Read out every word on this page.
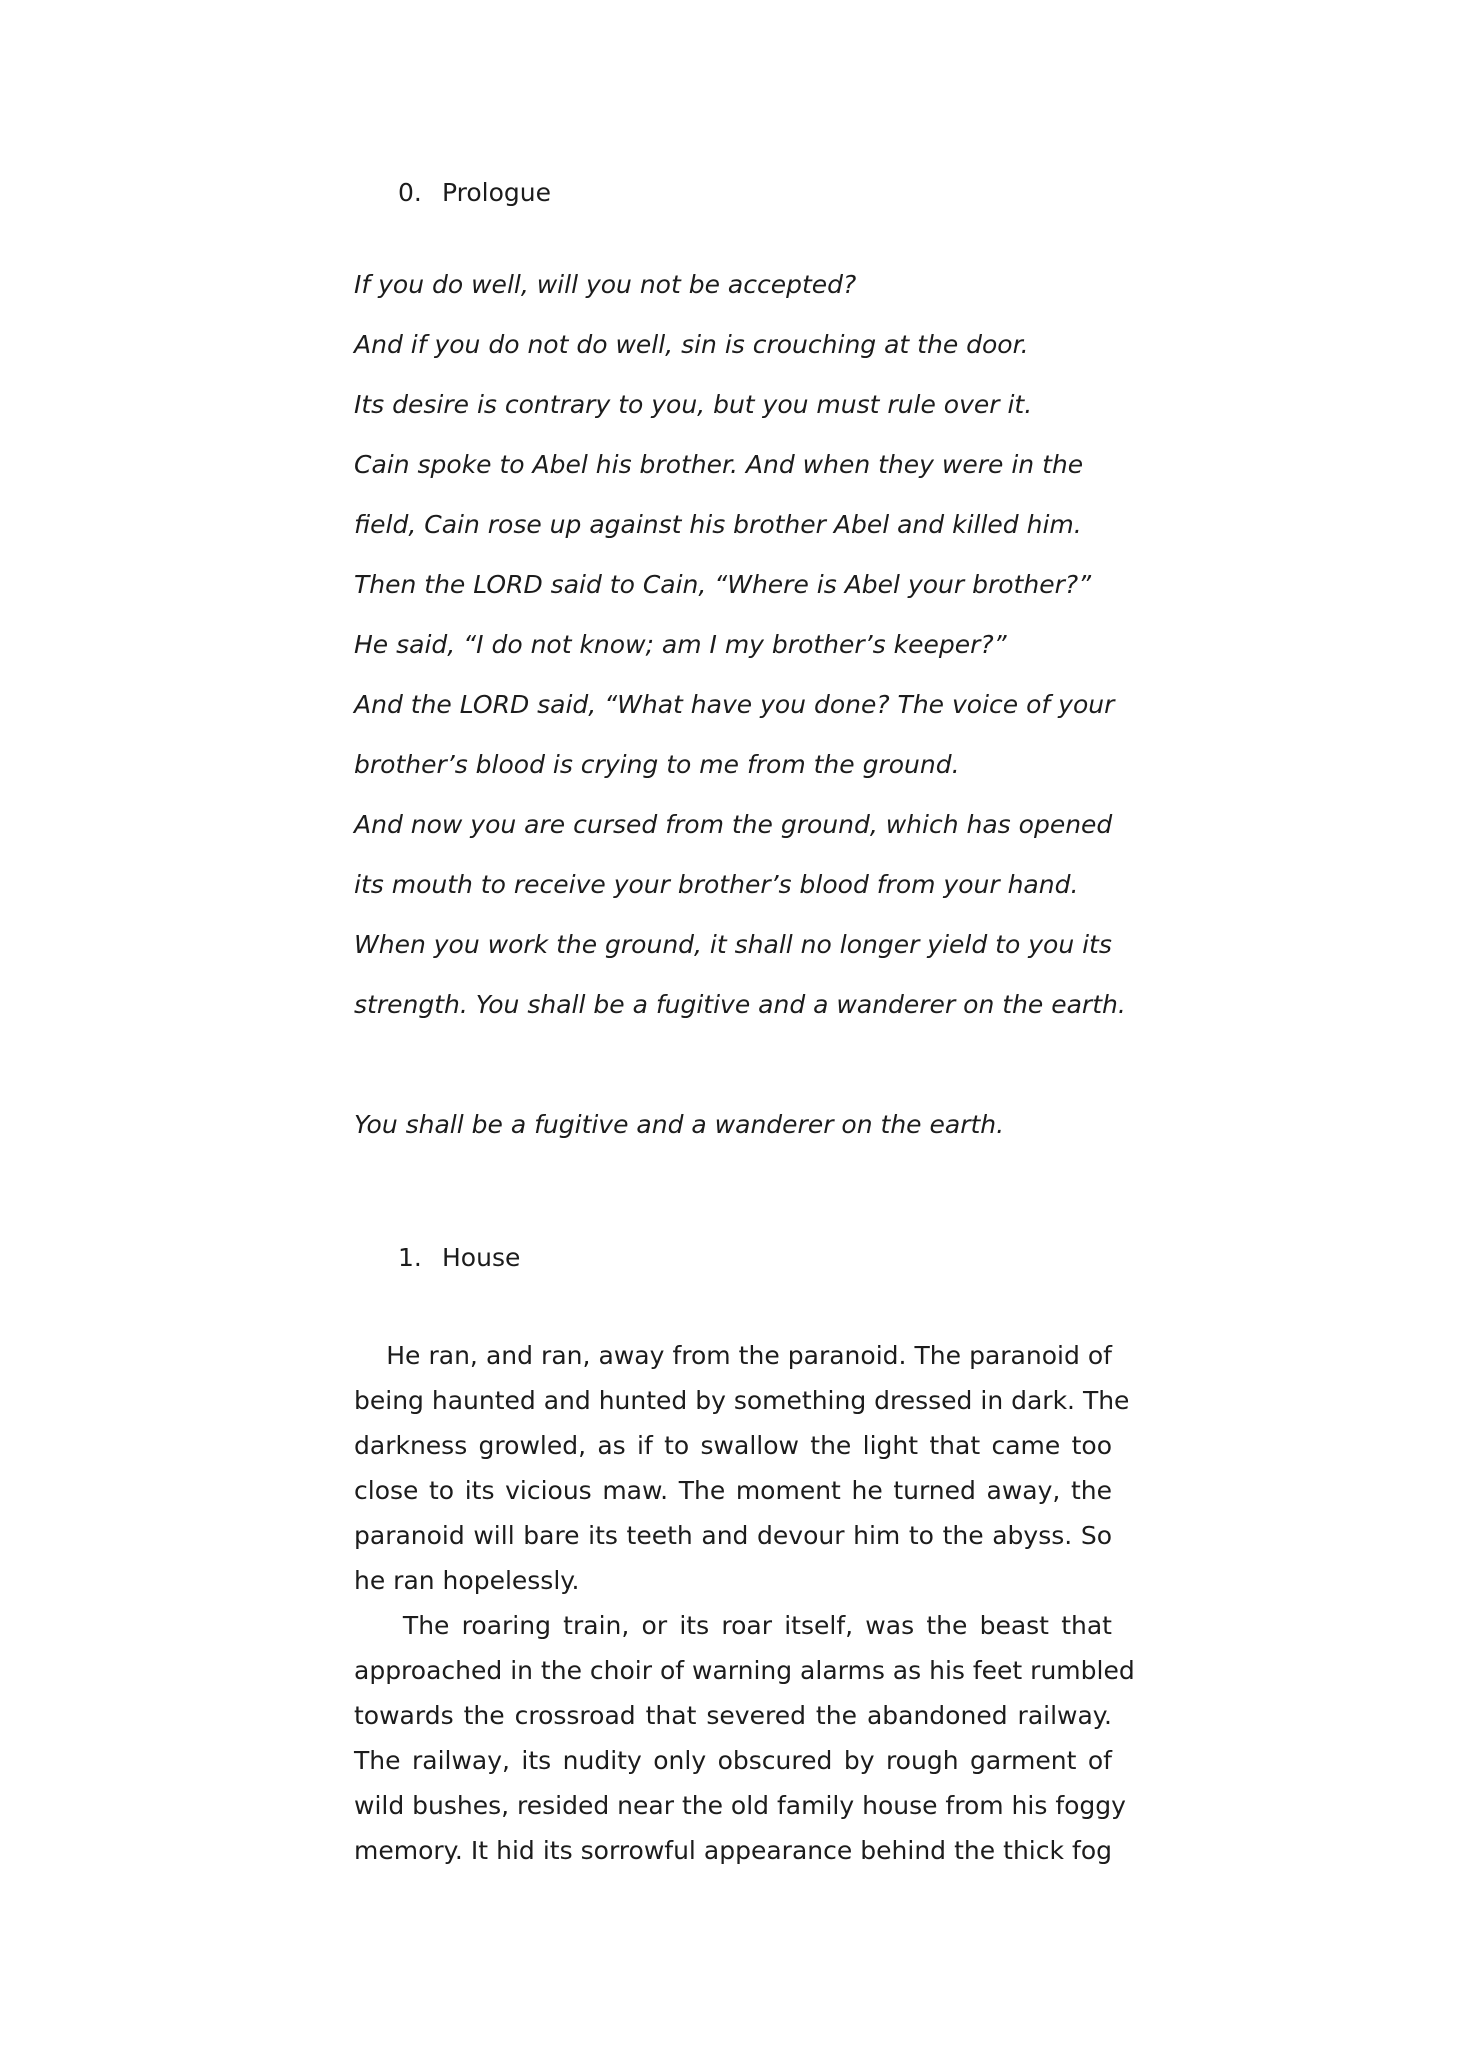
0. Prologue

If you do well, will you not be accepted?

And if you do not do well, sin is crouching at the door.

Its desire is contrary to you, but you must rule over it.

Cain spoke to Abel his brother. And when they were in the

field, Cain rose up against his brother Abel and killed him.

Then the LORD said to Cain, “Where is Abel your brother?”

He said, “I do not know; am I my brother’s keeper?”

And the LORD said, “What have you done? The voice of your

brother’s blood is crying to me from the ground.

And now you are cursed from the ground, which has opened

its mouth to receive your brother’s blood from your hand.

When you work the ground, it shall no longer yield to you its

strength. You shall be a fugitive and a wanderer on the earth.

You shall be a fugitive and a wanderer on the earth.

1. House

He ran, and ran, away from the paranoid. The paranoid of

being haunted and hunted by something dressed in dark. The

darkness growled, as if to swallow the light that came too

close to its vicious maw. The moment he turned away, the

paranoid will bare its teeth and devour him to the abyss. So

he ran hopelessly.

The roaring train, or its roar itself, was the beast that

approached in the choir of warning alarms as his feet rumbled

towards the crossroad that severed the abandoned railway.

The railway, its nudity only obscured by rough garment of

wild bushes, resided near the old family house from his foggy

memory. It hid its sorrowful appearance behind the thick fog
